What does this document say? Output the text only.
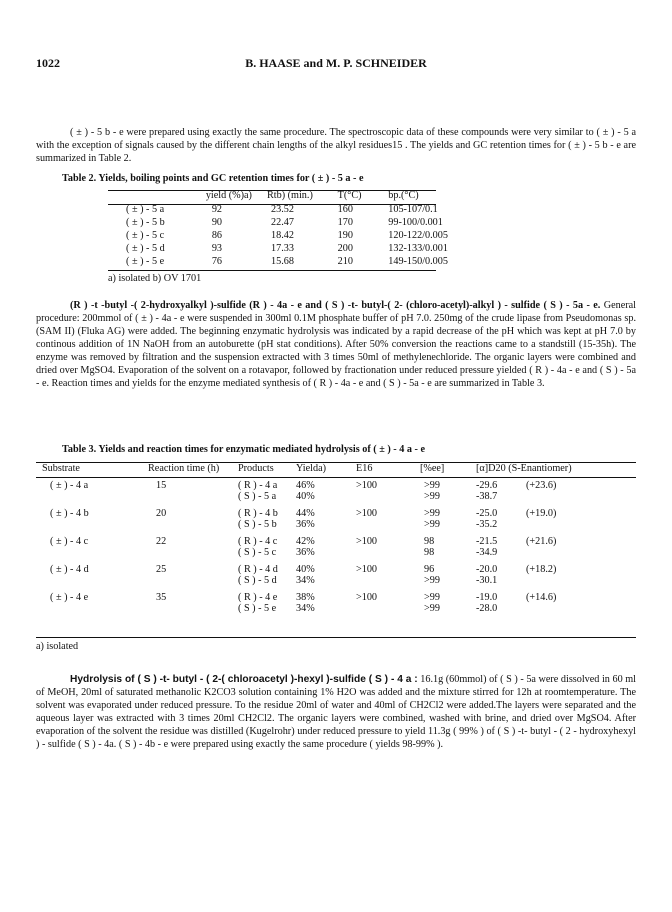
1022	B. HAASE and M. P. SCHNEIDER

( ± ) - 5 b - e were prepared using exactly the same procedure. The spectroscopic data of these compounds were very similar to ( ± ) - 5 a with the exception of signals caused by the different chain lengths of the alkyl residues15 . The yields and GC retention times for ( ± ) - 5 b - e are summarized in Table 2.

Table 2. Yields, boiling points and GC retention times for ( ± ) - 5 a - e
	yield (%)a)	Rtb) (min.)	T(°C)	bp.(°C)
( ± ) - 5 a	92	23.52	160	105-107/0.1
( ± ) - 5 b	90	22.47	170	99-100/0.001
( ± ) - 5 c	86	18.42	190	120-122/0.005
( ± ) - 5 d	93	17.33	200	132-133/0.001
( ± ) - 5 e	76	15.68	210	149-150/0.005
a) isolated b) OV 1701

(R ) -t -butyl -( 2-hydroxyalkyl )-sulfide (R ) - 4a - e and ( S ) -t- butyl-( 2- (chloro-acetyl)-alkyl ) - sulfide ( S ) - 5a - e. General procedure: 200mmol of ( ± ) - 4a - e were suspended in 300ml 0.1M phosphate buffer of pH 7.0. 250mg of the crude lipase from Pseudomonas sp. (SAM II) (Fluka AG) were added. The beginning enzymatic hydrolysis was indicated by a rapid decrease of the pH which was kept at pH 7.0 by continous addition of 1N NaOH from an autoburette (pH stat conditions). After 50% conversion the reactions came to a standstill (15-35h). The enzyme was removed by filtration and the suspension extracted with 3 times 50ml of methylenechloride. The organic layers were combined and dried over MgSO4. Evaporation of the solvent on a rotavapor, followed by fractionation under reduced pressure yielded ( R ) - 4a - e and ( S ) - 5a - e. Reaction times and yields for the enzyme mediated synthesis of ( R ) - 4a - e and ( S ) - 5a - e are summarized in Table 3.

Table 3. Yields and reaction times for enzymatic mediated hydrolysis of ( ± ) - 4 a - e
Substrate	Reaction time (h)	Products	Yielda)	E16	[%ee]	[α]D20 (S-Enantiomer)	
( ± ) - 4 a	15	( R ) - 4 a	46%	>100	>99	-29.6	(+23.6)
		( S ) - 5 a	40%		>99	-38.7	
( ± ) - 4 b	20	( R ) - 4 b	44%	>100	>99	-25.0	(+19.0)
		( S ) - 5 b	36%		>99	-35.2	
( ± ) - 4 c	22	( R ) - 4 c	42%	>100	98	-21.5	(+21.6)
		( S ) - 5 c	36%		98	-34.9	
( ± ) - 4 d	25	( R ) - 4 d	40%	>100	96	-20.0	(+18.2)
		( S ) - 5 d	34%		>99	-30.1	
( ± ) - 4 e	35	( R ) - 4 e	38%	>100	>99	-19.0	(+14.6)
		( S ) - 5 e	34%		>99	-28.0	
a) isolated

Hydrolysis of ( S ) -t- butyl - ( 2-( chloroacetyl )-hexyl )-sulfide ( S ) - 4 a : 16.1g (60mmol) of ( S ) - 5a were dissolved in 60 ml of MeOH, 20ml of saturated methanolic K2CO3 solution containing 1% H2O was added and the mixture stirred for 12h at roomtemperature. The solvent was evaporated under reduced pressure. To the residue 20ml of water and 40ml of CH2Cl2 were added.The layers were separated and the aqueous layer was extracted with 3 times 20ml CH2Cl2. The organic layers were combined, washed with brine, and dried over MgSO4. After evaporation of the solvent the residue was distilled (Kugelrohr) under reduced pressure to yield 11.3g ( 99% ) of ( S ) -t- butyl - ( 2 - hydroxyhexyl ) - sulfide ( S ) - 4a. ( S ) - 4b - e were prepared using exactly the same procedure ( yields 98-99% ).
